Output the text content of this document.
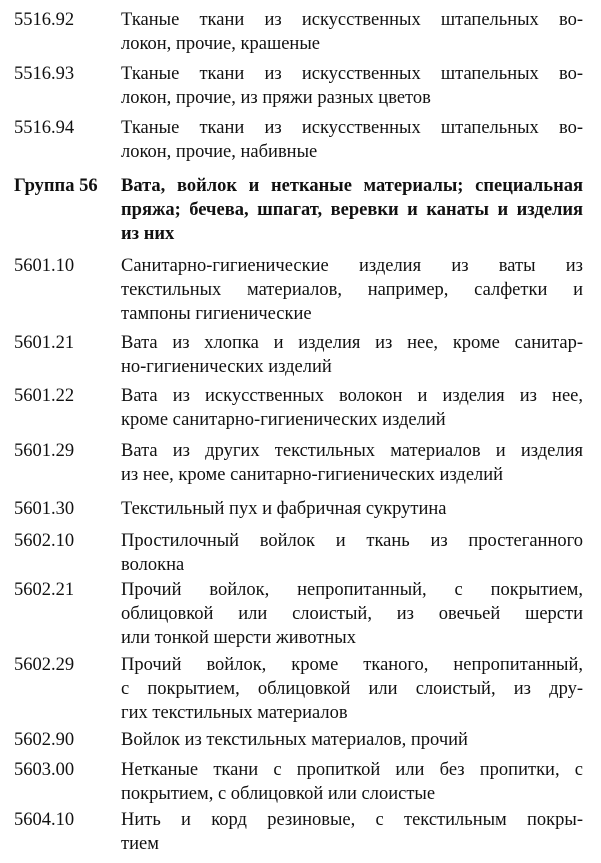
5516.92	Тканые ткани из искусственных штапельных во-
локон, прочие, крашеные
5516.93	Тканые ткани из искусственных штапельных во-
локон, прочие, из пряжи разных цветов
5516.94	Тканые ткани из искусственных штапельных во-
локон, прочие, набивные
Группа 56 Вата, войлок и нетканые материалы; специальная
пряжа; бечева, шпагат, веревки и канаты и изделия
из них
5601.10	Санитарно-гигиенические изделия из ваты из
текстильных материалов, например, салфетки и
тампоны гигиенические
5601.21	Вата из хлопка и изделия из нее, кроме санитар-
но-гигиенических изделий
5601.22	Вата из искусственных волокон и изделия из нее,
кроме санитарно-гигиенических изделий
5601.29	Вата из других текстильных материалов и изделия
из нее, кроме санитарно-гигиенических изделий
5601.30	Текстильный пух и фабричная сукрутина
5602.10	Простилочный войлок и ткань из простеганного
волокна
5602.21	Прочий войлок, непропитанный, с покрытием,
облицовкой или слоистый, из овечьей шерсти
или тонкой шерсти животных
5602.29	Прочий войлок, кроме тканого, непропитанный,
с покрытием, облицовкой или слоистый, из дру-
гих текстильных материалов
5602.90	Войлок из текстильных материалов, прочий
5603.00	Нетканые ткани с пропиткой или без пропитки, с
покрытием, с облицовкой или слоистые
5604.10	Нить и корд резиновые, с текстильным покры-
тием
